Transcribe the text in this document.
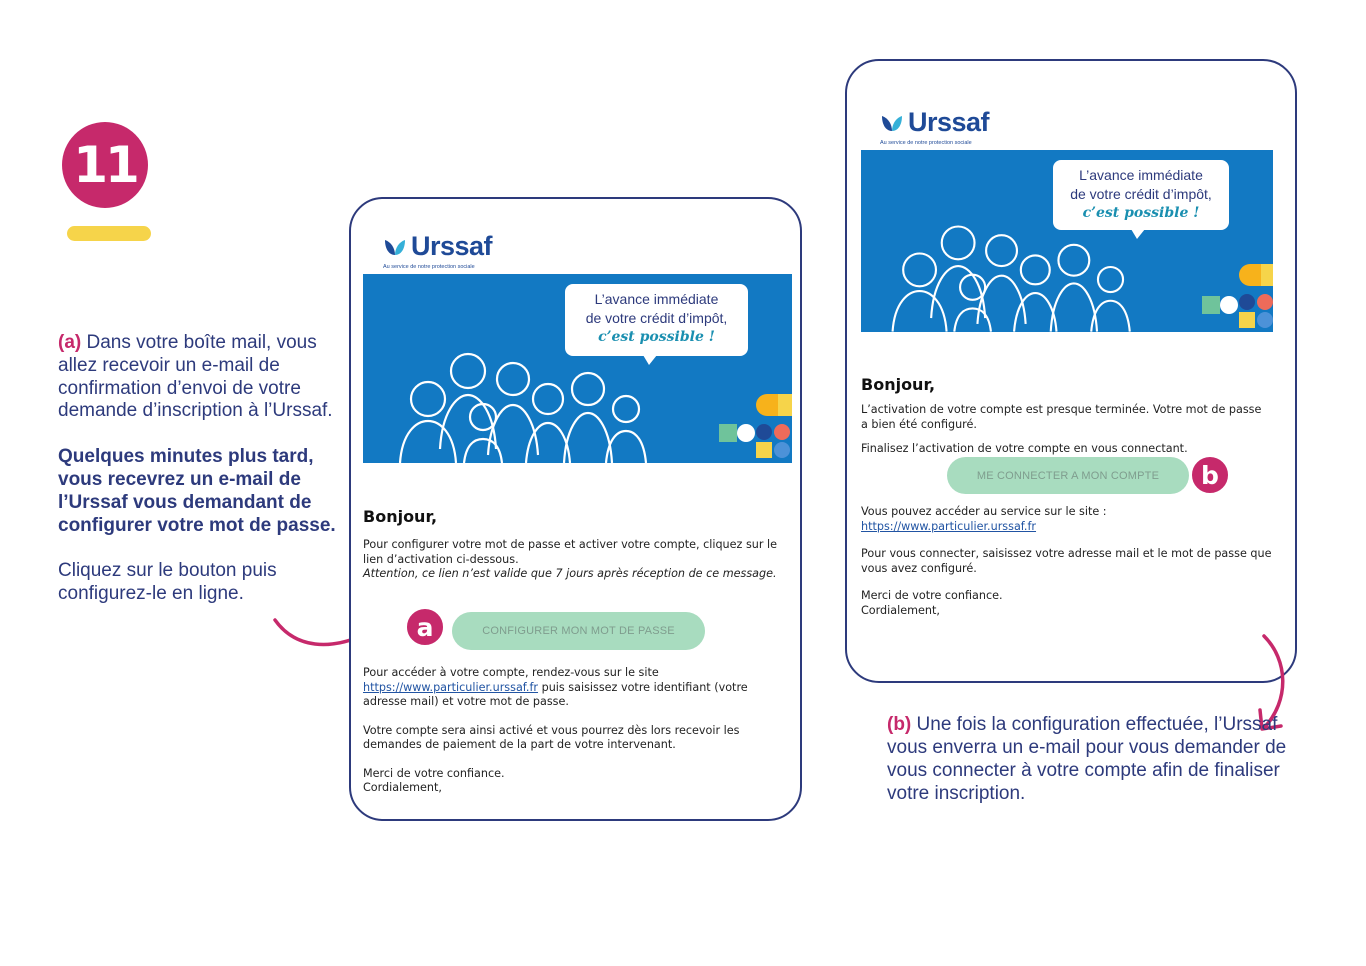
11

(a) Dans votre boîte mail, vous allez recevoir un e-mail de confirmation d’envoi de votre demande d’inscription à l’Urssaf.

Quelques minutes plus tard, vous recevrez un e-mail de l’Urssaf vous demandant de configurer votre mot de passe.

Cliquez sur le bouton puis configurez-le en ligne.

Urssaf
Au service de notre protection sociale
L’avance immédiate
de votre crédit d’impôt,
c’est possible !
Bonjour,

Pour configurer votre mot de passe et activer votre compte, cliquez sur le lien d’activation ci-dessous.

Attention, ce lien n’est valide que 7 jours après réception de ce message.

CONFIGURER MON MOT DE PASSE
a

Pour accéder à votre compte, rendez-vous sur le site
https://www.particulier.urssaf.fr puis saisissez votre identifiant (votre adresse mail) et votre mot de passe.

Votre compte sera ainsi activé et vous pourrez dès lors recevoir les demandes de paiement de la part de votre intervenant.

Merci de votre confiance.

Cordialement,

Urssaf
Au service de notre protection sociale
L’avance immédiate
de votre crédit d’impôt,
c’est possible !
Bonjour,

L’activation de votre compte est presque terminée. Votre mot de passe a bien été configuré.

Finalisez l’activation de votre compte en vous connectant.

ME CONNECTER A MON COMPTE	b

Vous pouvez accéder au service sur le site :

https://www.particulier.urssaf.fr

Pour vous connecter, saisissez votre adresse mail et le mot de passe que vous avez configuré.

Merci de votre confiance.

Cordialement,

(b) Une fois la configuration effectuée, l’Urssaf vous enverra un e-mail pour vous demander de vous connecter à votre compte afin de finaliser votre inscription.
